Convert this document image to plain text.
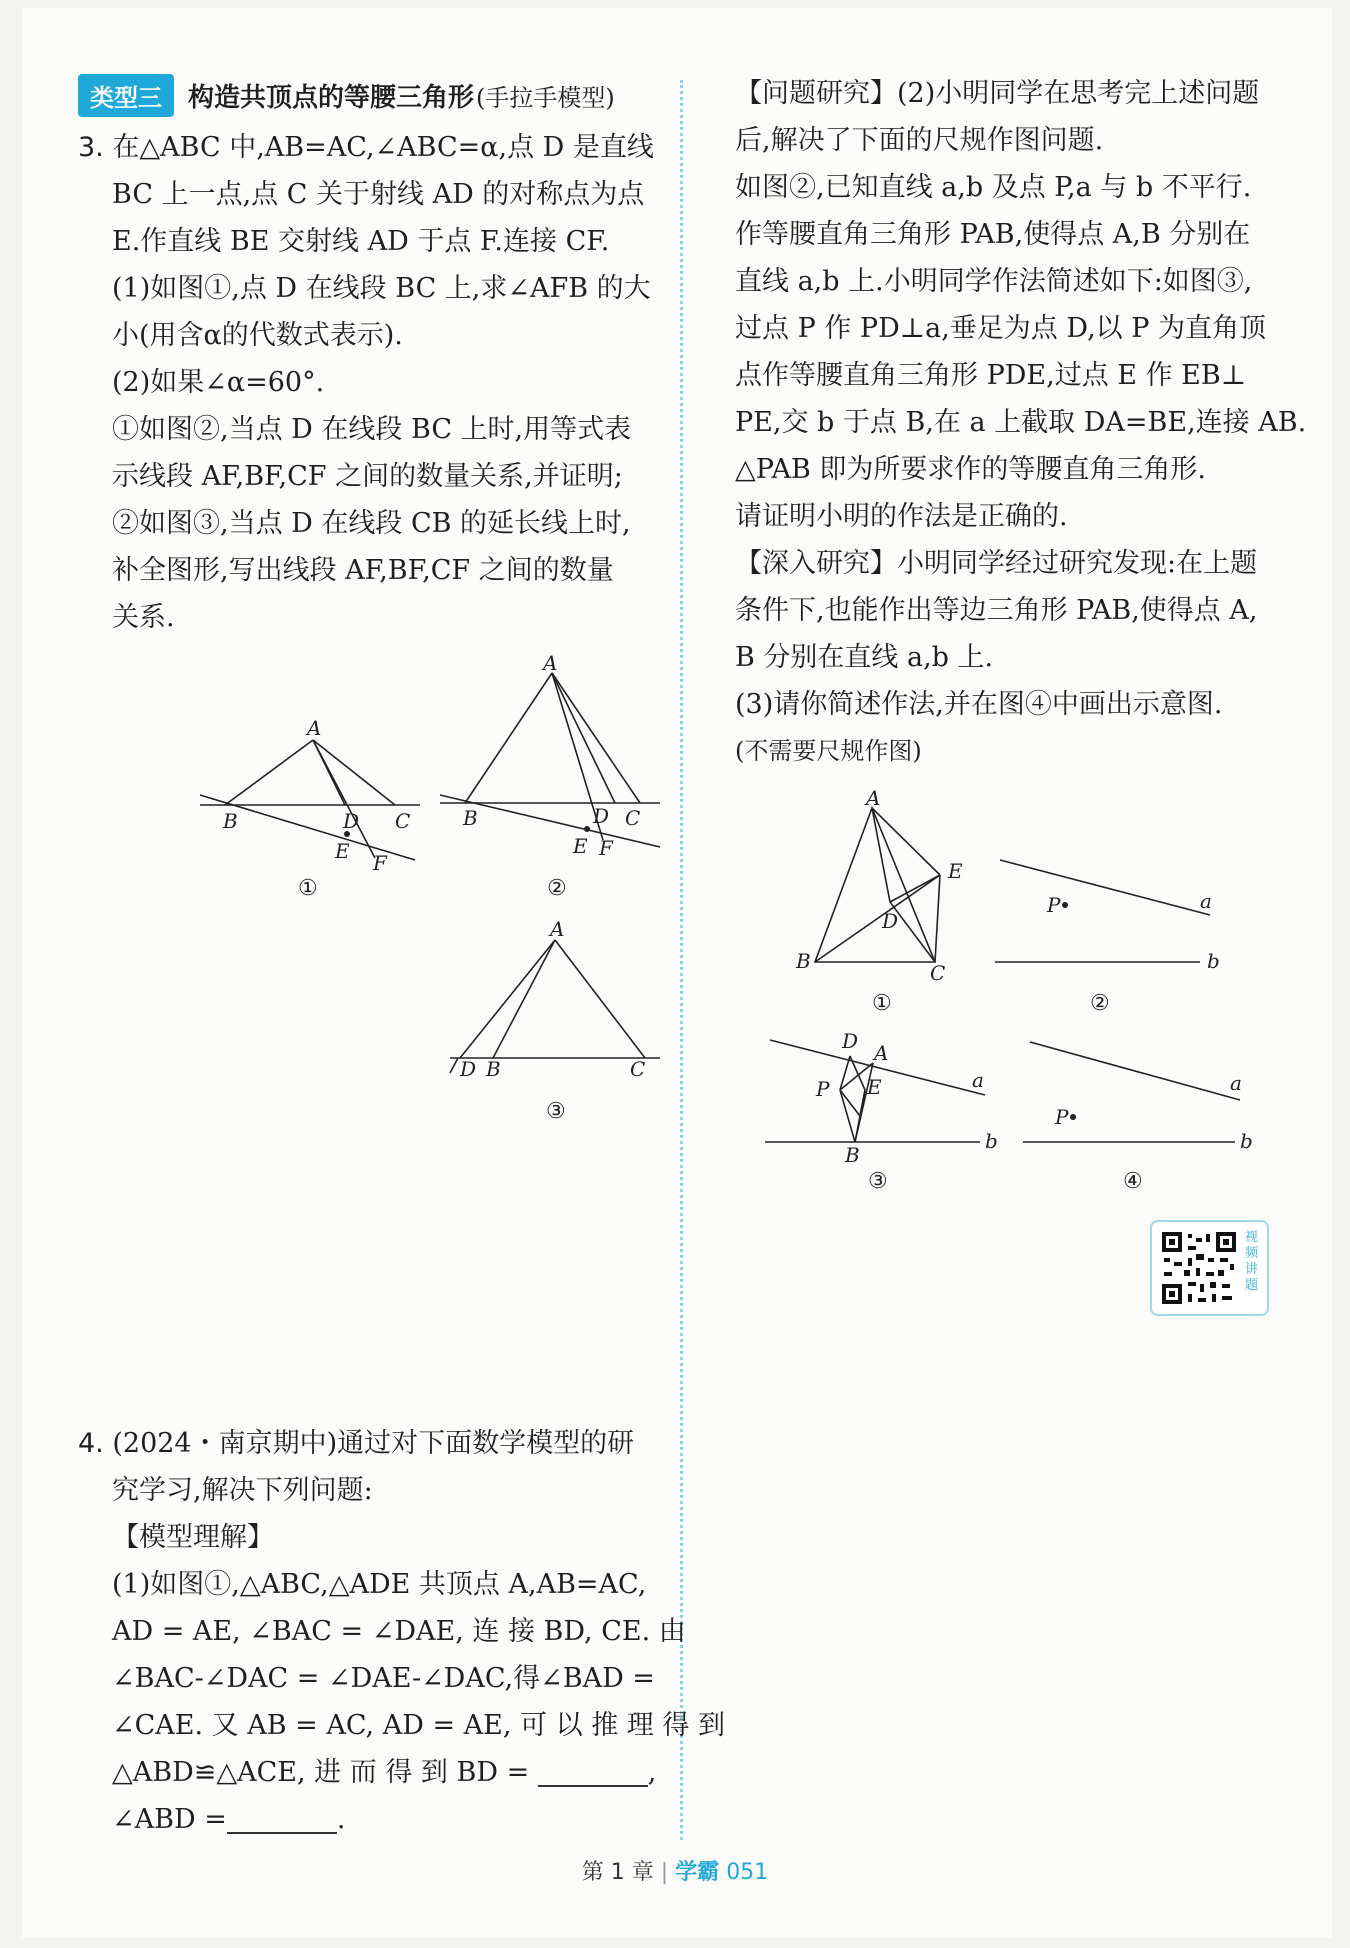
类型三	构造共顶点的等腰三角形 (手拉手模型)
3. 在△ABC 中,AB=AC,∠ABC=α,点 D 是直线
BC 上一点,点 C 关于射线 AD 的对称点为点
E.作直线 BE 交射线 AD 于点 F.连接 CF.
(1)如图①,点 D 在线段 BC 上,求∠AFB 的大
小(用含α的代数式表示).
(2)如果∠α=60°.
①如图②,当点 D 在线段 BC 上时,用等式表
示线段 AF,BF,CF 之间的数量关系,并证明;
②如图③,当点 D 在线段 CB 的延长线上时,
补全图形,写出线段 AF,BF,CF 之间的数量
关系.
A
B	D C
E F
①
A
B	D C
E F
②
A
D B	C
③
4. (2024・南京期中)通过对下面数学模型的研
究学习,解决下列问题:
【模型理解】
(1)如图①,△ABC,△ADE 共顶点 A,AB=AC,
AD = AE, ∠BAC = ∠DAE, 连 接 BD, CE. 由
∠BAC-∠DAC = ∠DAE-∠DAC,得∠BAD =
∠CAE. 又 AB = AC, AD = AE, 可 以 推 理 得 到
△ABD≌△ACE, 进 而 得 到 BD =	,
∠ABD =	.
【问题研究】(2)小明同学在思考完上述问题
后,解决了下面的尺规作图问题.
如图②,已知直线 a,b 及点 P,a 与 b 不平行.
作等腰直角三角形 PAB,使得点 A,B 分别在
直线 a,b 上.小明同学作法简述如下:如图③,
过点 P 作 PD⊥a,垂足为点 D,以 P 为直角顶
点作等腰直角三角形 PDE,过点 E 作 EB⊥
PE,交 b 于点 B,在 a 上截取 DA=BE,连接 AB.
△PAB 即为所要求作的等腰直角三角形.
请证明小明的作法是正确的.
【深入研究】小明同学经过研究发现:在上题
条件下,也能作出等边三角形 PAB,使得点 A,
B 分别在直线 a,b 上.
(3)请你简述作法,并在图④中画出示意图.
(不需要尺规作图)
A
E
D
B	C
①
P	a
b
②
D A
P E
B
a
b
③
P
a
b
④
视频讲题
第 1 章 | 学霸 051
